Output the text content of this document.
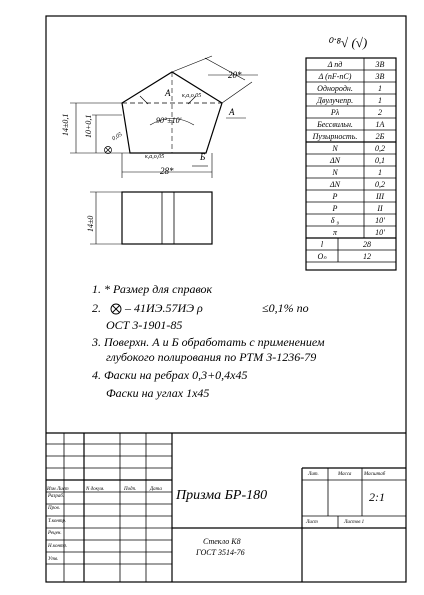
20*
28*
14±0,1 10+0,1
14±0
90°±10'
к,а,о,05
0,05
к,а,о,05
А
А
Б
⁰˙⁸√ (√)
Δ nд	3В
Δ (nF-nC)	3В
Однородн.	1
Двулучепр.	1
Ρλ	2
Бессвильн.	1А
Пузырность.	2Б
N	0,2
ΔN	0,1
N	1
ΔN	0,2
P	III
P	II
δ ₉	10'
π	10'
l	28
Oₙ	12
1. * Размер для справок
2. – 41ИЭ.57ИЭ ρ	≤0,1% по
ОСТ 3-1901-85
3. Поверхн. А и Б обработать с применением
глубокого полирования по РТМ 3-1236-79
4. Фаски на ребрах 0,3+0,4х45
Фаски на углах 1х45
Изм Лист	N докум.	Подп.	Дата
Разраб.
Пров.
Т.контр.
Рецен.
Н.контр.
Утв.
Призма БР-180
Стекло К8
ГОСТ 3514-76
Лит.	Масса	Масштаб
2:1
Лист	Листов 1
